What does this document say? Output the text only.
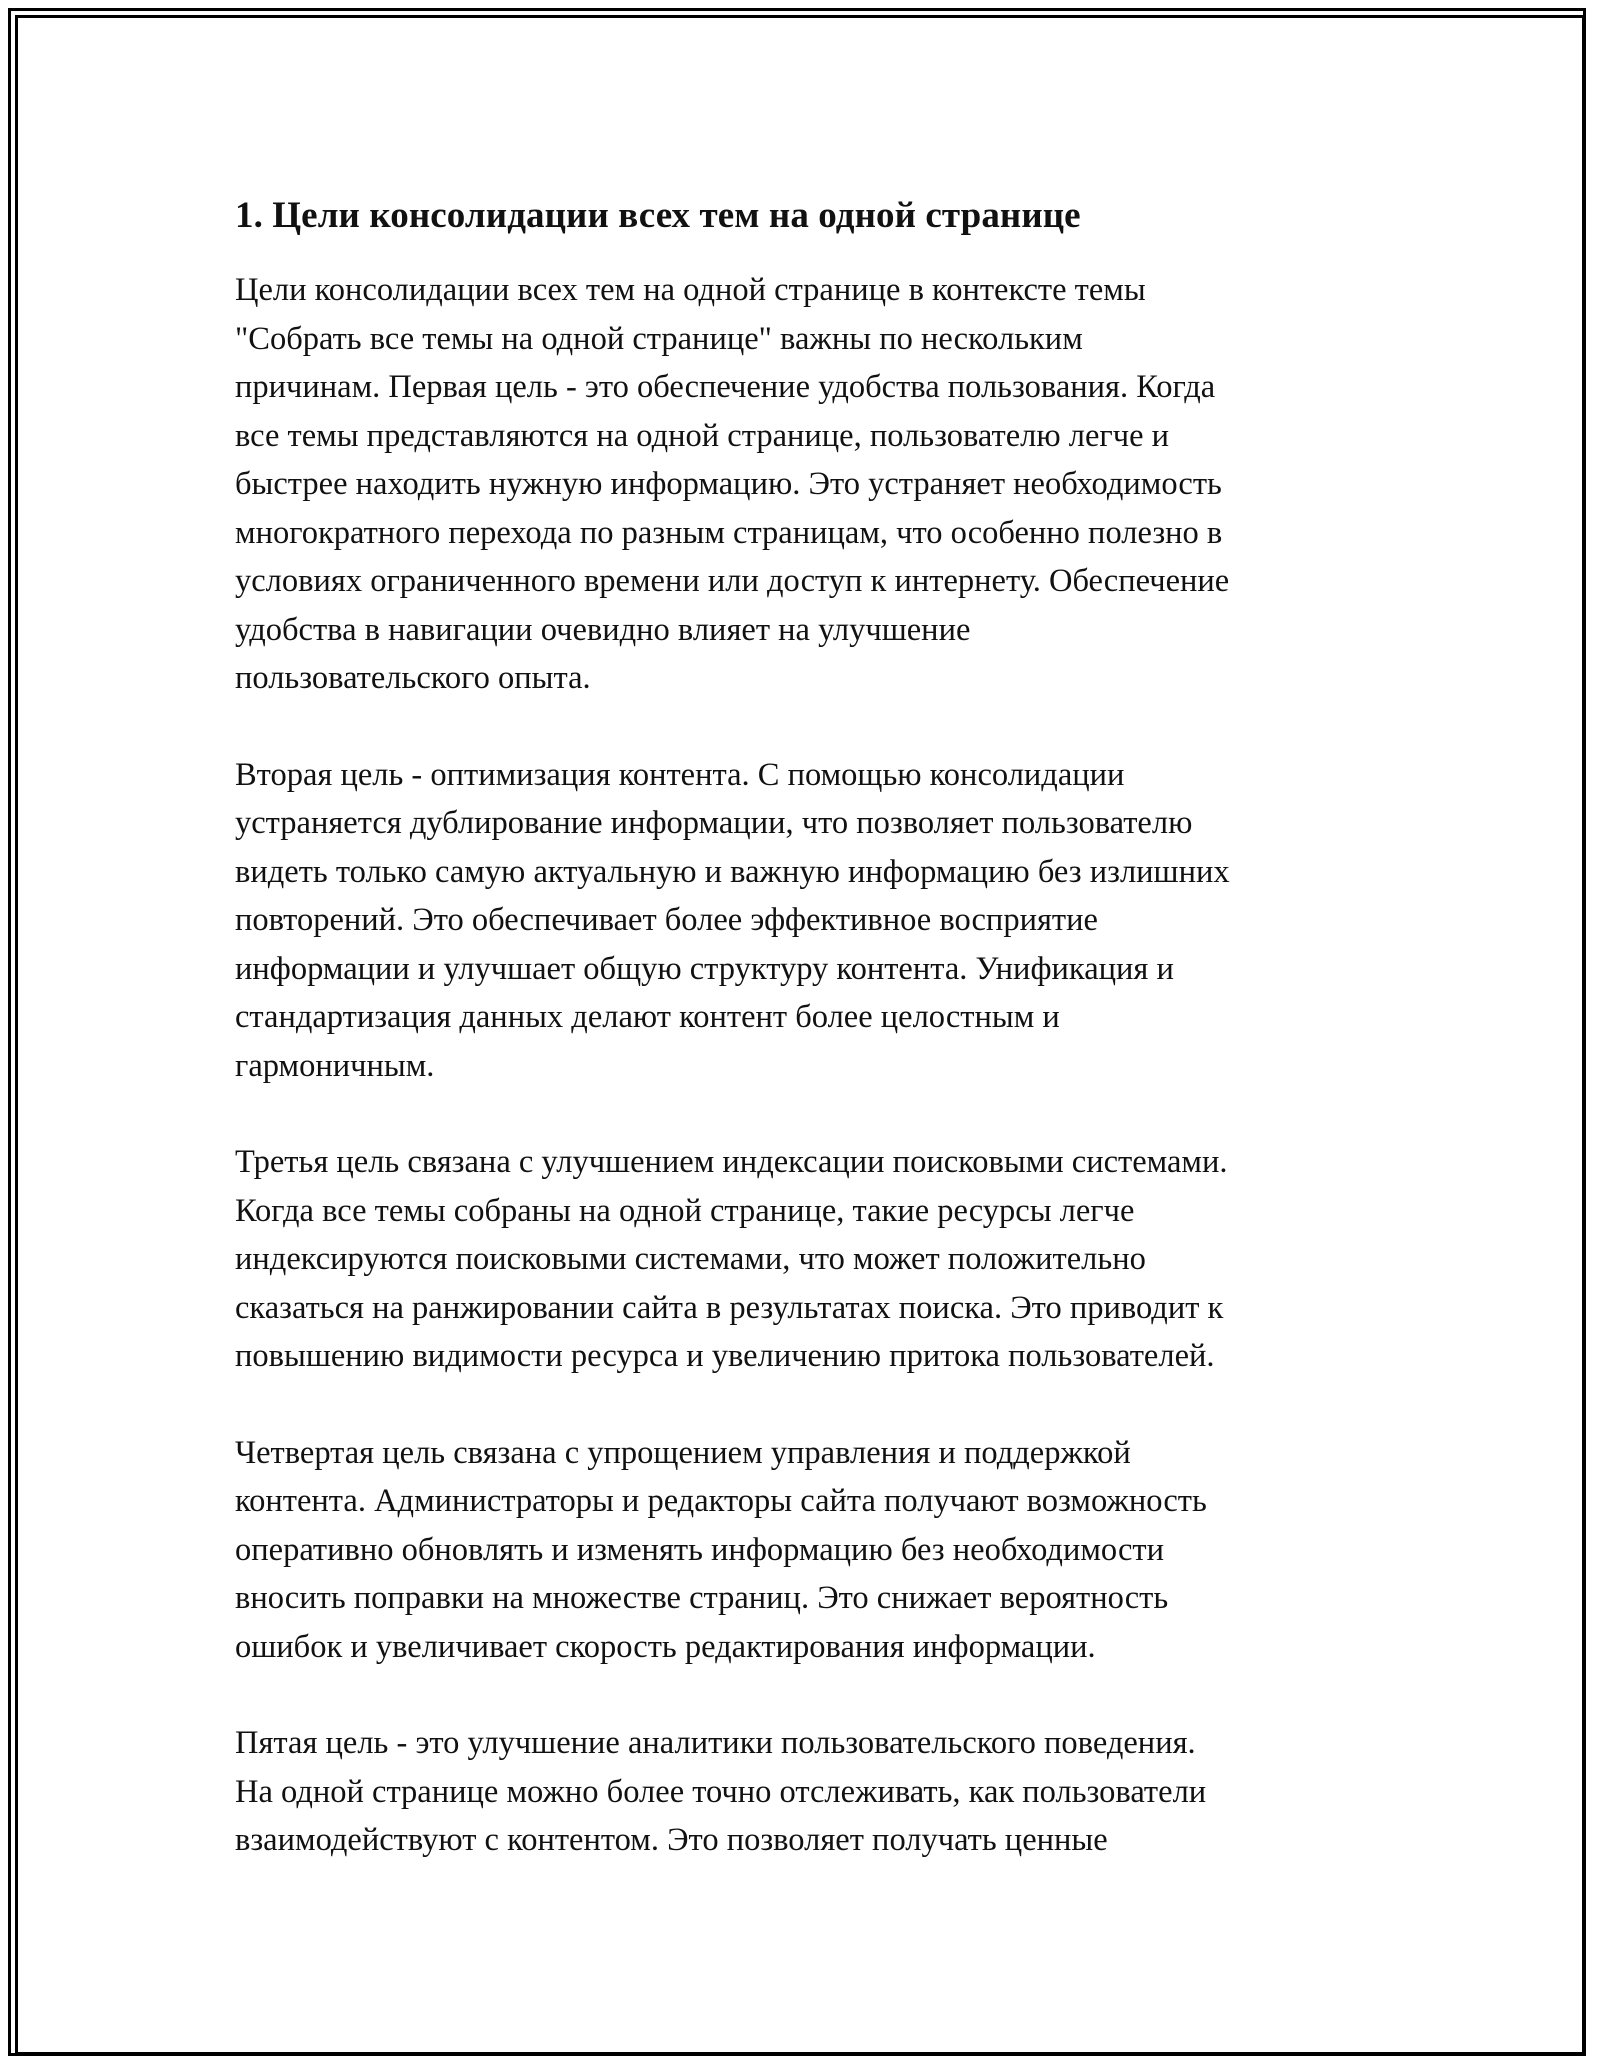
1. Цели консолидации всех тем на одной странице

Цели консолидации всех тем на одной странице в контексте темы
"Собрать все темы на одной странице" важны по нескольким
причинам. Первая цель - это обеспечение удобства пользования. Когда
все темы представляются на одной странице, пользователю легче и
быстрее находить нужную информацию. Это устраняет необходимость
многократного перехода по разным страницам, что особенно полезно в
условиях ограниченного времени или доступ к интернету. Обеспечение
удобства в навигации очевидно влияет на улучшение
пользовательского опыта.

Вторая цель - оптимизация контента. С помощью консолидации
устраняется дублирование информации, что позволяет пользователю
видеть только самую актуальную и важную информацию без излишних
повторений. Это обеспечивает более эффективное восприятие
информации и улучшает общую структуру контента. Унификация и
стандартизация данных делают контент более целостным и
гармоничным.

Третья цель связана с улучшением индексации поисковыми системами.
Когда все темы собраны на одной странице, такие ресурсы легче
индексируются поисковыми системами, что может положительно
сказаться на ранжировании сайта в результатах поиска. Это приводит к
повышению видимости ресурса и увеличению притока пользователей.

Четвертая цель связана с упрощением управления и поддержкой
контента. Администраторы и редакторы сайта получают возможность
оперативно обновлять и изменять информацию без необходимости
вносить поправки на множестве страниц. Это снижает вероятность
ошибок и увеличивает скорость редактирования информации.

Пятая цель - это улучшение аналитики пользовательского поведения.
На одной странице можно более точно отслеживать, как пользователи
взаимодействуют с контентом. Это позволяет получать ценные
